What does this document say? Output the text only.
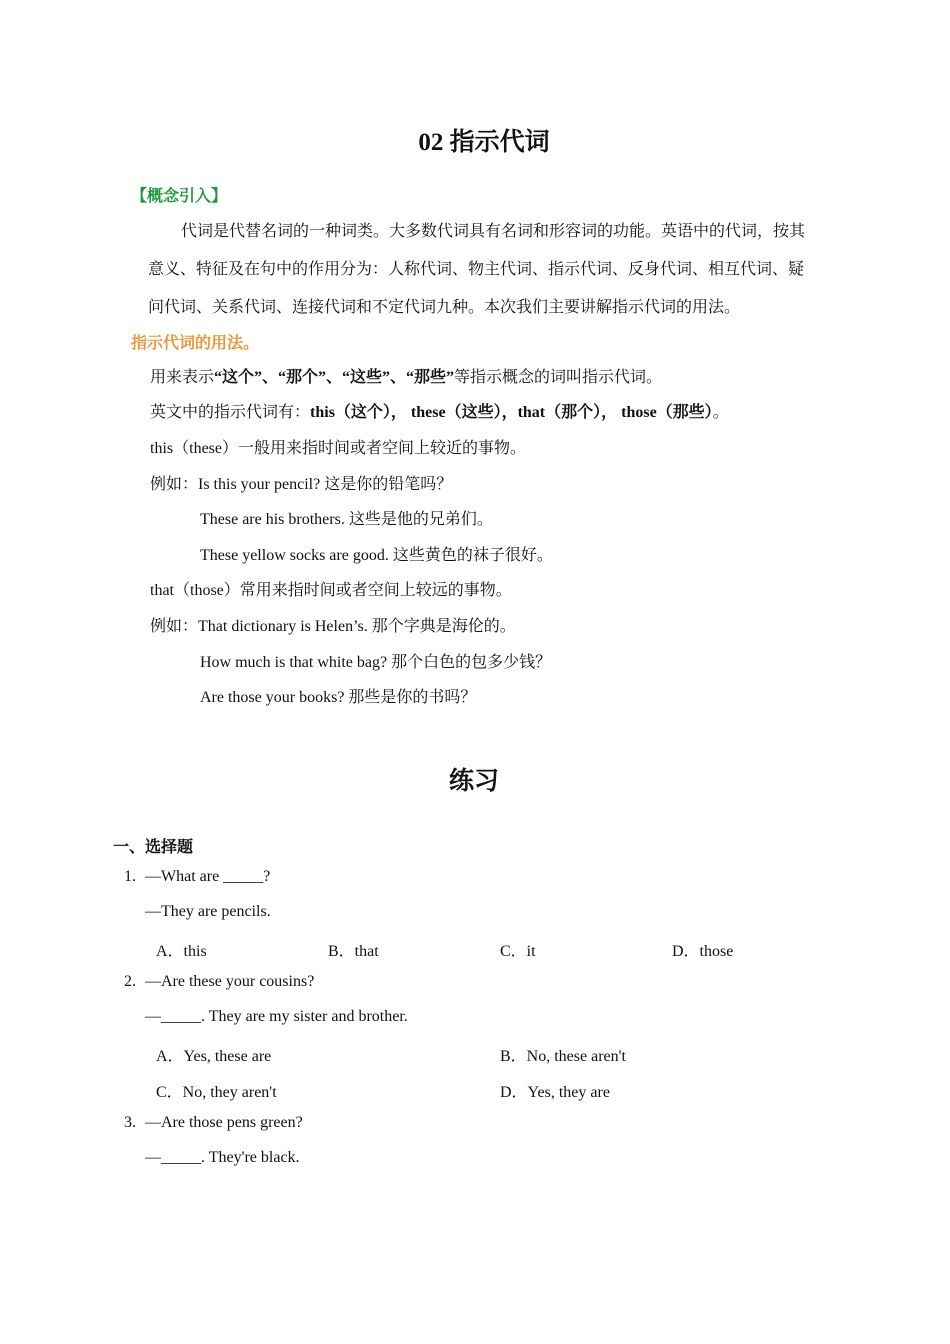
02 指示代词
【概念引入】
代词是代替名词的一种词类。大多数代词具有名词和形容词的功能。英语中的代词，按其
意义、特征及在句中的作用分为：人称代词、物主代词、指示代词、反身代词、相互代词、疑
问代词、关系代词、连接代词和不定代词九种。本次我们主要讲解指示代词的用法。
指示代词的用法。
用来表示“这个”、“那个”、“这些”、“那些”等指示概念的词叫指示代词。
英文中的指示代词有：this（这个）， these（这些），that（那个）， those（那些）。
this（these）一般用来指时间或者空间上较近的事物。
例如：Is this your pencil? 这是你的铅笔吗？
These are his brothers. 这些是他的兄弟们。
These yellow socks are good. 这些黄色的袜子很好。
that（those）常用来指时间或者空间上较远的事物。
例如：That dictionary is Helen’s. 那个字典是海伦的。
How much is that white bag? 那个白色的包多少钱？
Are those your books? 那些是你的书吗？
练习
一、选择题
1. —What are _____?
—They are pencils.
A．this	B．that	C．it	D．those
2. —Are these your cousins?
—_____. They are my sister and brother.
A．Yes, these are	B．No, these aren't
C．No, they aren't	D．Yes, they are
3. —Are those pens green?
—_____. They're black.
